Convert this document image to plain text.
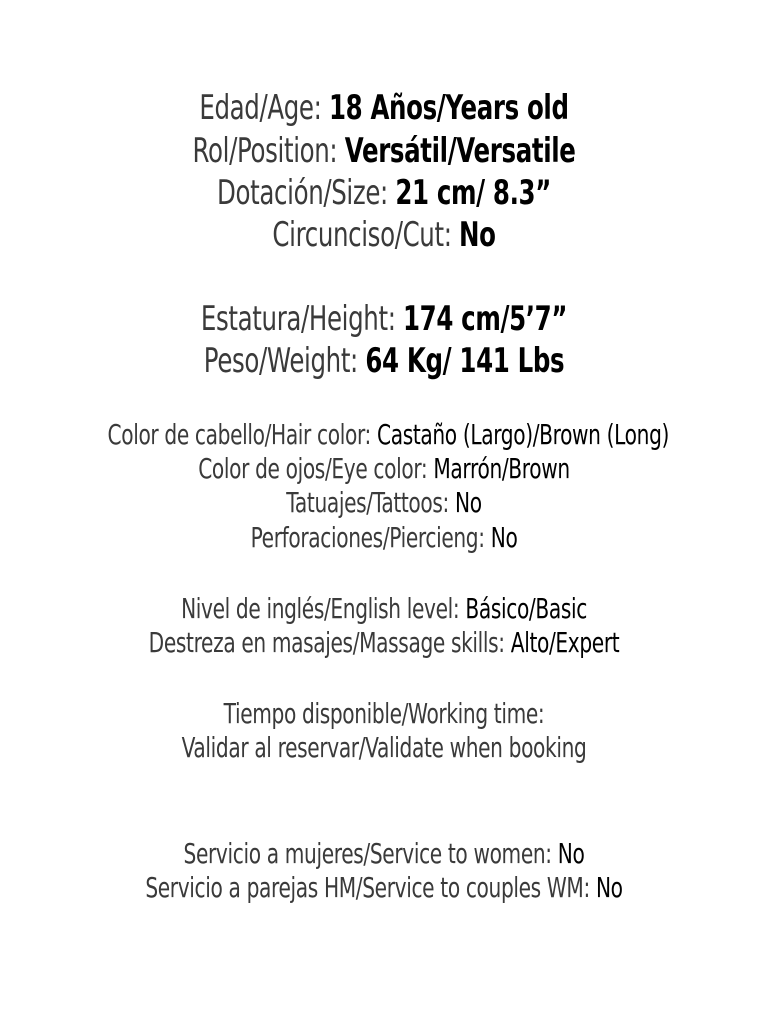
Edad/Age: 18 Años/Years old
Rol/Position: Versátil/Versatile
Dotación/Size: 21 cm/ 8.3”
Circunciso/Cut: No
Estatura/Height: 174 cm/5’7”
Peso/Weight: 64 Kg/ 141 Lbs
Color de cabello/Hair color: Castaño (Largo)/Brown (Long)
Color de ojos/Eye color: Marrón/Brown
Tatuajes/Tattoos: No
Perforaciones/Piercieng: No
Nivel de inglés/English level: Básico/Basic
Destreza en masajes/Massage skills: Alto/Expert
Tiempo disponible/Working time:
Validar al reservar/Validate when booking
Servicio a mujeres/Service to women: No
Servicio a parejas HM/Service to couples WM: No
